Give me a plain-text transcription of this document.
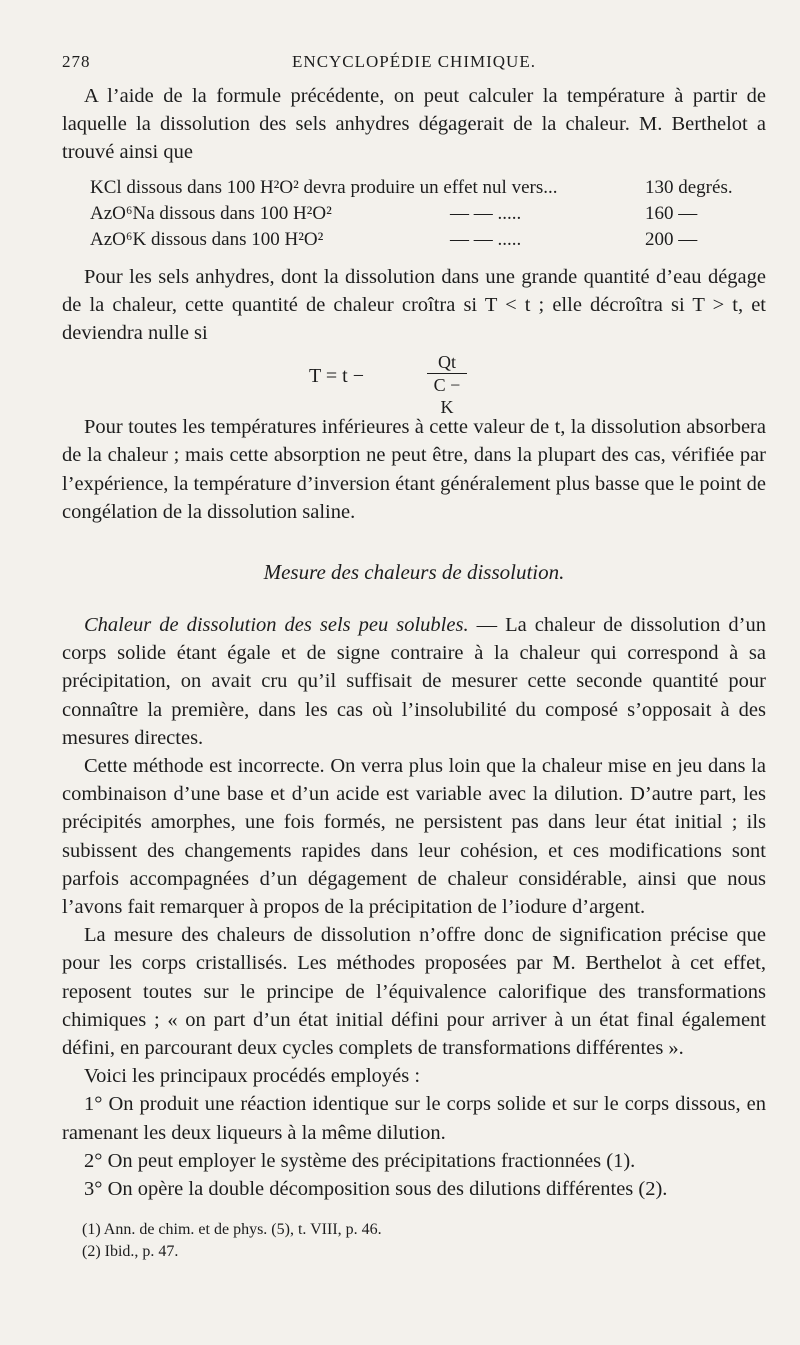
278	ENCYCLOPÉDIE CHIMIQUE.

A l’aide de la formule précédente, on peut calculer la température à partir de laquelle la dissolution des sels anhydres dégagerait de la chaleur. M. Berthelot a trouvé ainsi que

KCl dissous dans 100 H²O² devra produire un effet nul vers...	130 degrés.
AzO⁶Na dissous dans 100 H²O²	— — .....	160 —
AzO⁶K dissous dans 100 H²O²	— — .....	200 —

Pour les sels anhydres, dont la dissolution dans une grande quantité d’eau dégage de la chaleur, cette quantité de chaleur croîtra si T < t ; elle décroîtra si T > t, et deviendra nulle si

T = t −	$\frac{Qt}{C - K}$

Pour toutes les températures inférieures à cette valeur de t, la dissolution absorbera de la chaleur ; mais cette absorption ne peut être, dans la plupart des cas, vérifiée par l’expérience, la température d’inversion étant généralement plus basse que le point de congélation de la dissolution saline.

Mesure des chaleurs de dissolution.

Chaleur de dissolution des sels peu solubles. — La chaleur de dissolution d’un corps solide étant égale et de signe contraire à la chaleur qui correspond à sa précipitation, on avait cru qu’il suffisait de mesurer cette seconde quantité pour connaître la première, dans les cas où l’insolubilité du composé s’opposait à des mesures directes.

Cette méthode est incorrecte. On verra plus loin que la chaleur mise en jeu dans la combinaison d’une base et d’un acide est variable avec la dilution. D’autre part, les précipités amorphes, une fois formés, ne persistent pas dans leur état initial ; ils subissent des changements rapides dans leur cohésion, et ces modifications sont parfois accompagnées d’un dégagement de chaleur considérable, ainsi que nous l’avons fait remarquer à propos de la précipitation de l’iodure d’argent.

La mesure des chaleurs de dissolution n’offre donc de signification précise que pour les corps cristallisés. Les méthodes proposées par M. Berthelot à cet effet, reposent toutes sur le principe de l’équivalence calorifique des transformations chimiques ; « on part d’un état initial défini pour arriver à un état final également défini, en parcourant deux cycles complets de transformations différentes ».

Voici les principaux procédés employés :

1° On produit une réaction identique sur le corps solide et sur le corps dissous, en ramenant les deux liqueurs à la même dilution.

2° On peut employer le système des précipitations fractionnées (1).

3° On opère la double décomposition sous des dilutions différentes (2).

(1) Ann. de chim. et de phys. (5), t. VIII, p. 46.
(2) Ibid., p. 47.
